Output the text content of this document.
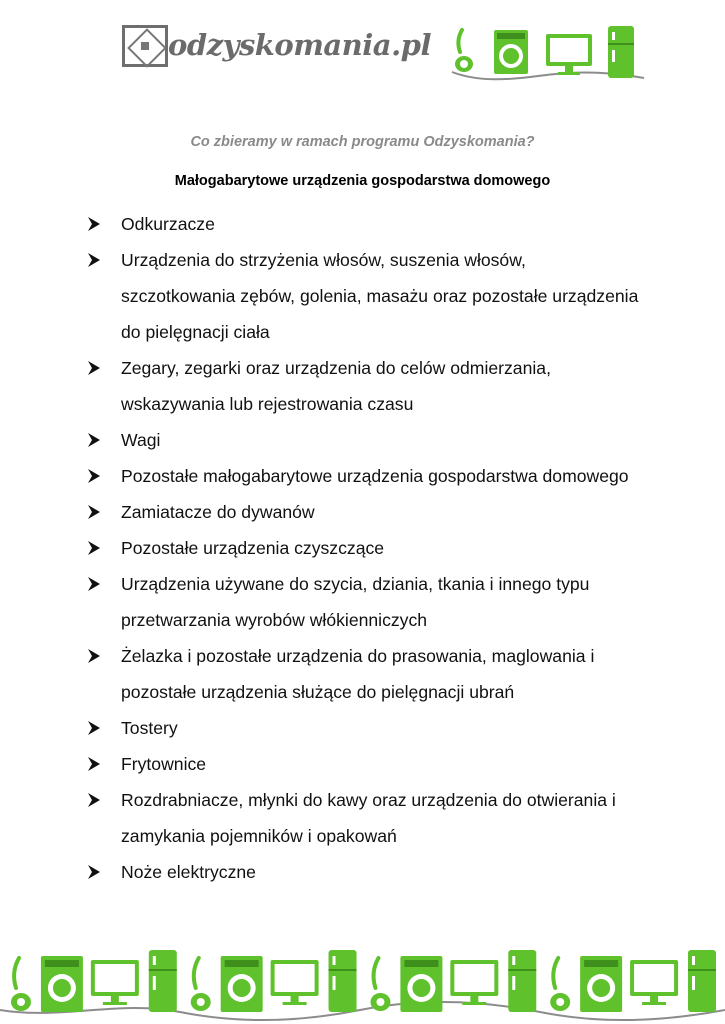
odzyskomania.pl
Co zbieramy w ramach programu Odzyskomania?
Małogabarytowe urządzenia gospodarstwa domowego
Odkurzacze
Urządzenia do strzyżenia włosów, suszenia włosów,
szczotkowania zębów, golenia, masażu oraz pozostałe urządzenia
do pielęgnacji ciała
Zegary, zegarki oraz urządzenia do celów odmierzania,
wskazywania lub rejestrowania czasu
Wagi
Pozostałe małogabarytowe urządzenia gospodarstwa domowego
Zamiatacze do dywanów
Pozostałe urządzenia czyszczące
Urządzenia używane do szycia, dziania, tkania i innego typu
przetwarzania wyrobów włókienniczych
Żelazka i pozostałe urządzenia do prasowania, maglowania i
pozostałe urządzenia służące do pielęgnacji ubrań
Tostery
Frytownice
Rozdrabniacze, młynki do kawy oraz urządzenia do otwierania i
zamykania pojemników i opakowań
Noże elektryczne
